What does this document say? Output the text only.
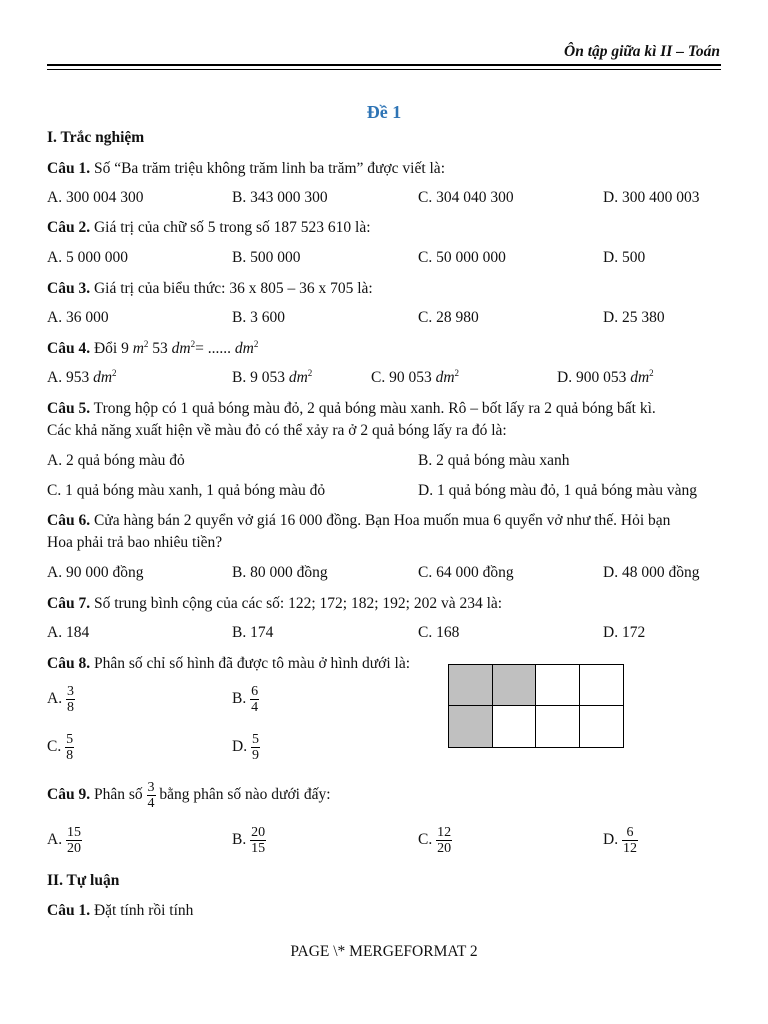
Ôn tập giữa kì II – Toán
Đề 1
I. Trắc nghiệm
Câu 1. Số “Ba trăm triệu không trăm linh ba trăm” được viết là:
A. 300 004 300	B. 343 000 300	C. 304 040 300	D. 300 400 003
Câu 2. Giá trị của chữ số 5 trong số 187 523 610 là:
A. 5 000 000	B. 500 000	C. 50 000 000	D. 500
Câu 3. Giá trị của biểu thức: 36 x 805 – 36 x 705 là:
A. 36 000	B. 3 600	C. 28 980	D. 25 380
Câu 4. Đổi 9 $m^2$ 53 $dm^2=$ ...... $dm^2$
A. 953 $dm^2$	B. 9 053 $dm^2$	C. 90 053 $dm^2$	D. 900 053 $dm^2$
Câu 5. Trong hộp có 1 quả bóng màu đỏ, 2 quả bóng màu xanh. Rô – bốt lấy ra 2 quả bóng bất kì.
Các khả năng xuất hiện về màu đỏ có thể xảy ra ở 2 quả bóng lấy ra đó là:
A. 2 quả bóng màu đỏ	B. 2 quả bóng màu xanh
C. 1 quả bóng màu xanh, 1 quả bóng màu đỏ	D. 1 quả bóng màu đỏ, 1 quả bóng màu vàng
Câu 6. Cửa hàng bán 2 quyển vở giá 16 000 đồng. Bạn Hoa muốn mua 6 quyển vở như thế. Hỏi bạn
Hoa phải trả bao nhiêu tiền?
A. 90 000 đồng	B. 80 000 đồng	C. 64 000 đồng	D. 48 000 đồng
Câu 7. Số trung bình cộng của các số: 122; 172; 182; 192; 202 và 234 là:
A. 184	B. 174	C. 168	D. 172
Câu 8. Phân số chỉ số hình đã được tô màu ở hình dưới là:
A. $\frac{3}{8}$	B. $\frac{6}{4}$
C. $\frac{5}{8}$	D. $\frac{5}{9}$
Câu 9. Phân số $\frac{3}{4}$ bằng phân số nào dưới đấy:
A. $\frac{15}{20}$	B. $\frac{20}{15}$	C. $\frac{12}{20}$	D. $\frac{6}{12}$
II. Tự luận
Câu 1. Đặt tính rồi tính
PAGE \* MERGEFORMAT 2
